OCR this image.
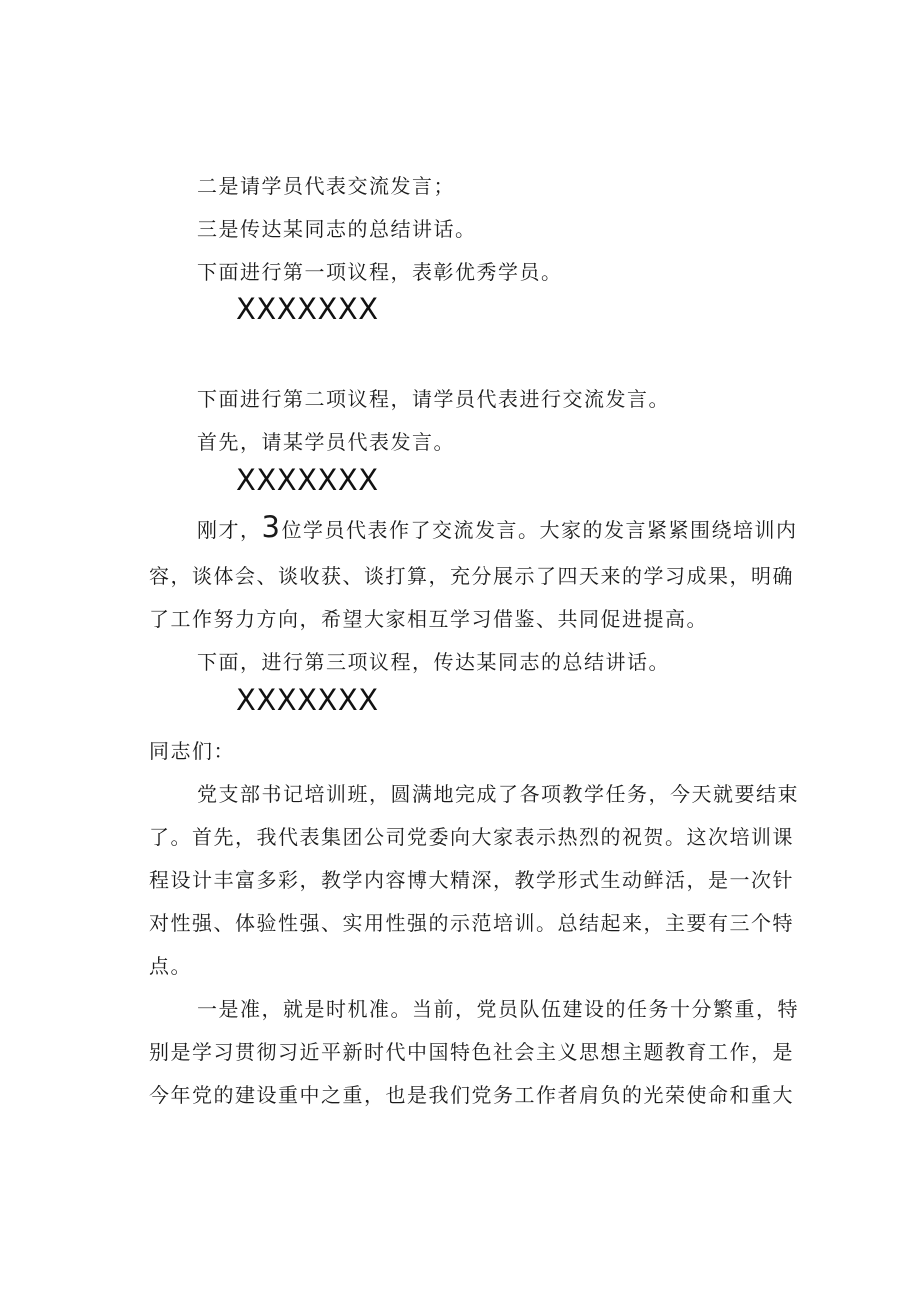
二是请学员代表交流发言；
三是传达某同志的总结讲话。
下面进行第一项议程，表彰优秀学员。
XXXXXXX
下面进行第二项议程，请学员代表进行交流发言。
首先，请某学员代表发言。
XXXXXXX
刚才，3位学员代表作了交流发言。大家的发言紧紧围绕培训内
容，谈体会、谈收获、谈打算，充分展示了四天来的学习成果，明确
了工作努力方向，希望大家相互学习借鉴、共同促进提高。
下面，进行第三项议程，传达某同志的总结讲话。
XXXXXXX
同志们：
党支部书记培训班，圆满地完成了各项教学任务，今天就要结束
了。首先，我代表集团公司党委向大家表示热烈的祝贺。这次培训课
程设计丰富多彩，教学内容博大精深，教学形式生动鲜活，是一次针
对性强、体验性强、实用性强的示范培训。总结起来，主要有三个特
点。
一是准，就是时机准。当前，党员队伍建设的任务十分繁重，特
别是学习贯彻习近平新时代中国特色社会主义思想主题教育工作，是
今年党的建设重中之重，也是我们党务工作者肩负的光荣使命和重大
